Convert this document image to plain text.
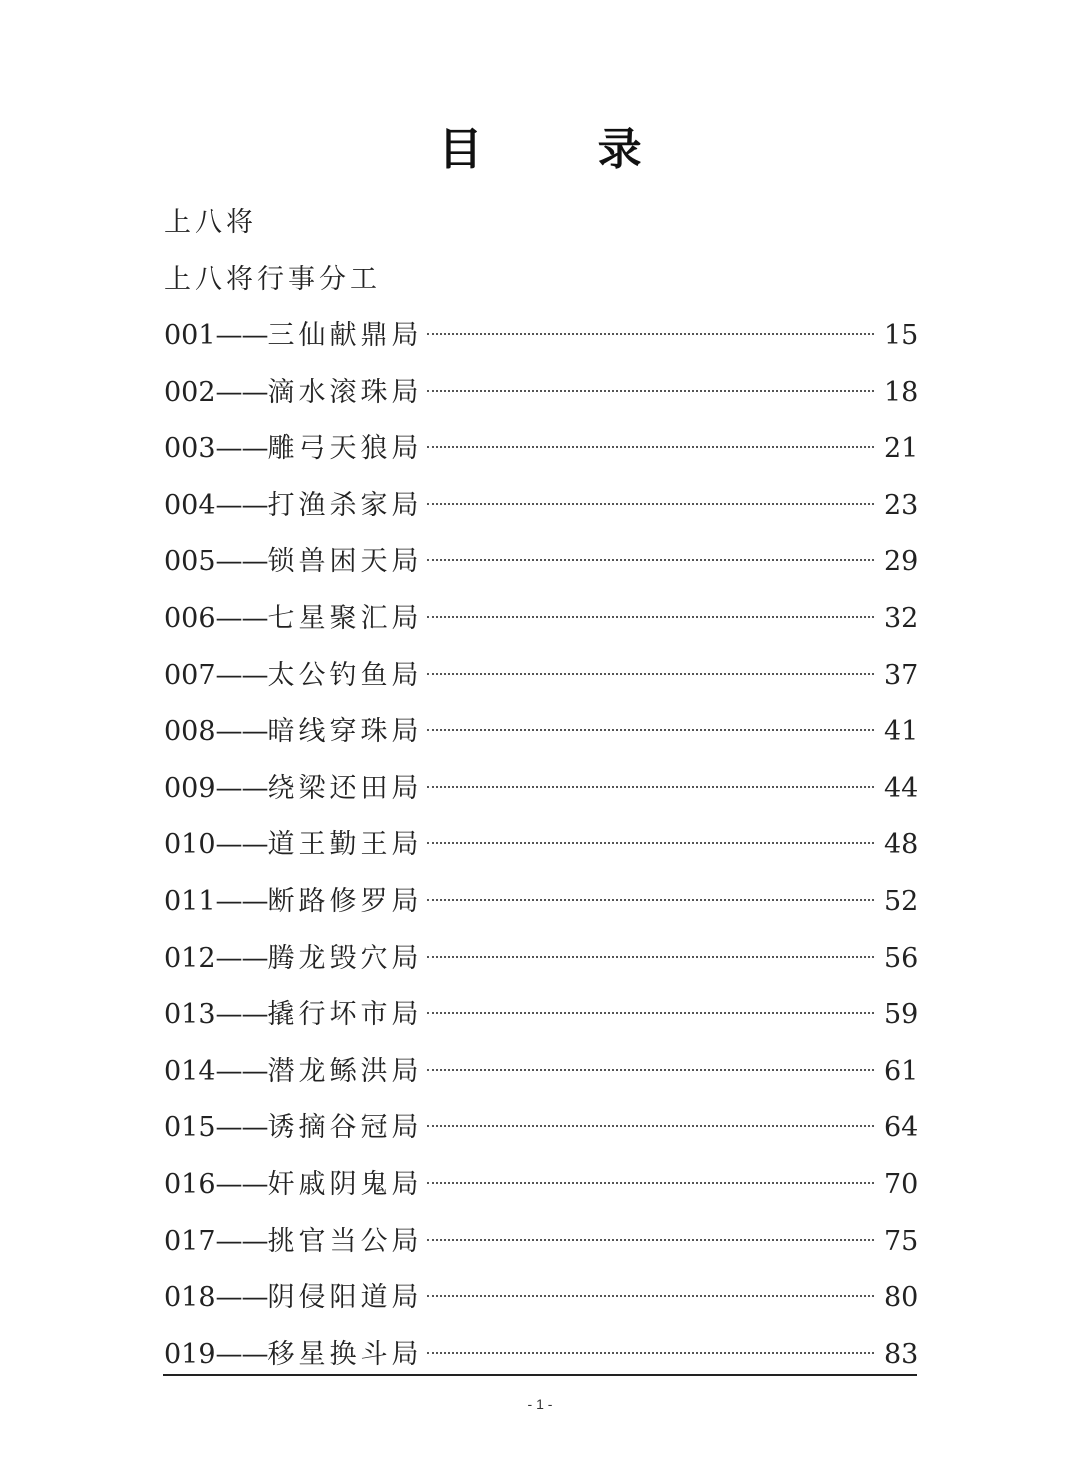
目 录
上八将
上八将行事分工
001 —— 三仙献鼎局	15
002 —— 滴水滚珠局	18
003 —— 雕弓天狼局	21
004 —— 打渔杀家局	23
005 —— 锁兽困天局	29
006 —— 七星聚汇局	32
007 —— 太公钓鱼局	37
008 —— 暗线穿珠局	41
009 —— 绕梁还田局	44
010 —— 道王勤王局	48
011 —— 断路修罗局	52
012 —— 腾龙毁穴局	56
013 —— 撬行坏市局	59
014 —— 潜龙鲧洪局	61
015 —— 诱摘谷冠局	64
016 —— 奸戚阴鬼局	70
017 —— 挑官当公局	75
018 —— 阴侵阳道局	80
019 —— 移星换斗局	83
- 1 -
